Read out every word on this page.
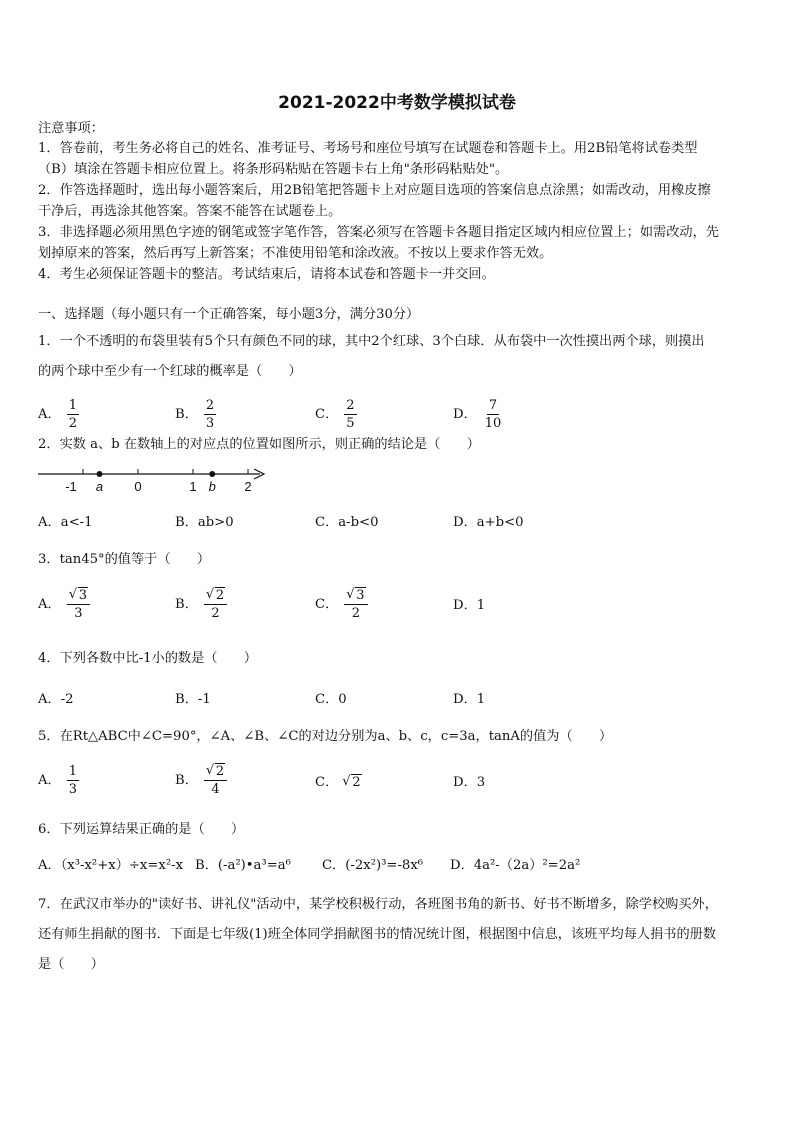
2021-2022中考数学模拟试卷
注意事项：
1．答卷前，考生务必将自己的姓名、准考证号、考场号和座位号填写在试题卷和答题卡上。用2B铅笔将试卷类型
（B）填涂在答题卡相应位置上。将条形码粘贴在答题卡右上角"条形码粘贴处"。
2．作答选择题时，选出每小题答案后，用2B铅笔把答题卡上对应题目选项的答案信息点涂黑；如需改动，用橡皮擦
干净后，再选涂其他答案。答案不能答在试题卷上。
3．非选择题必须用黑色字迹的钢笔或签字笔作答，答案必须写在答题卡各题目指定区域内相应位置上；如需改动，先
划掉原来的答案，然后再写上新答案；不准使用铅笔和涂改液。不按以上要求作答无效。
4．考生必须保证答题卡的整洁。考试结束后，请将本试卷和答题卡一并交回。
一、选择题（每小题只有一个正确答案，每小题3分，满分30分）
1．一个不透明的布袋里装有5个只有颜色不同的球，其中2个红球、3个白球．从布袋中一次性摸出两个球，则摸出
的两个球中至少有一个红球的概率是（　　）
A． $\frac{1}{2}$	B． $\frac{2}{3}$	C． $\frac{2}{5}$	D． $\frac{7}{10}$
2．实数 a、b 在数轴上的对应点的位置如图所示，则正确的结论是（　　）
-1	0	1	2
a	b
A．a<-1	B．ab>0	C．a-b<0	D．a+b<0
3．tan45°的值等于（　　）
A． √ $\frac{3}{3}$	B． √ $\frac{2}{2}$	C． √ $\frac{3}{2}$	D．1
4．下列各数中比-1小的数是（　　）
A．-2	B．-1	C．0	D．1
5．在Rt△ABC中∠C=90°，∠A、∠B、∠C的对边分别为a、b、c，c=3a，tanA的值为（　　）
A． $\frac{1}{3}$	B． √ $\frac{2}{4}$	C． √ 2	D．3
6．下列运算结果正确的是（　　）
A．（x³-x²+x）÷x=x²-x B．(-a²)•a³=a⁶ C．(-2x²)³=-8x⁶ D．4a²-（2a）²=2a²
7．在武汉市举办的"读好书、讲礼仪"活动中，某学校积极行动，各班图书角的新书、好书不断增多，除学校购买外，
还有师生捐献的图书．下面是七年级(1)班全体同学捐献图书的情况统计图，根据图中信息，该班平均每人捐书的册数
是（　　）
